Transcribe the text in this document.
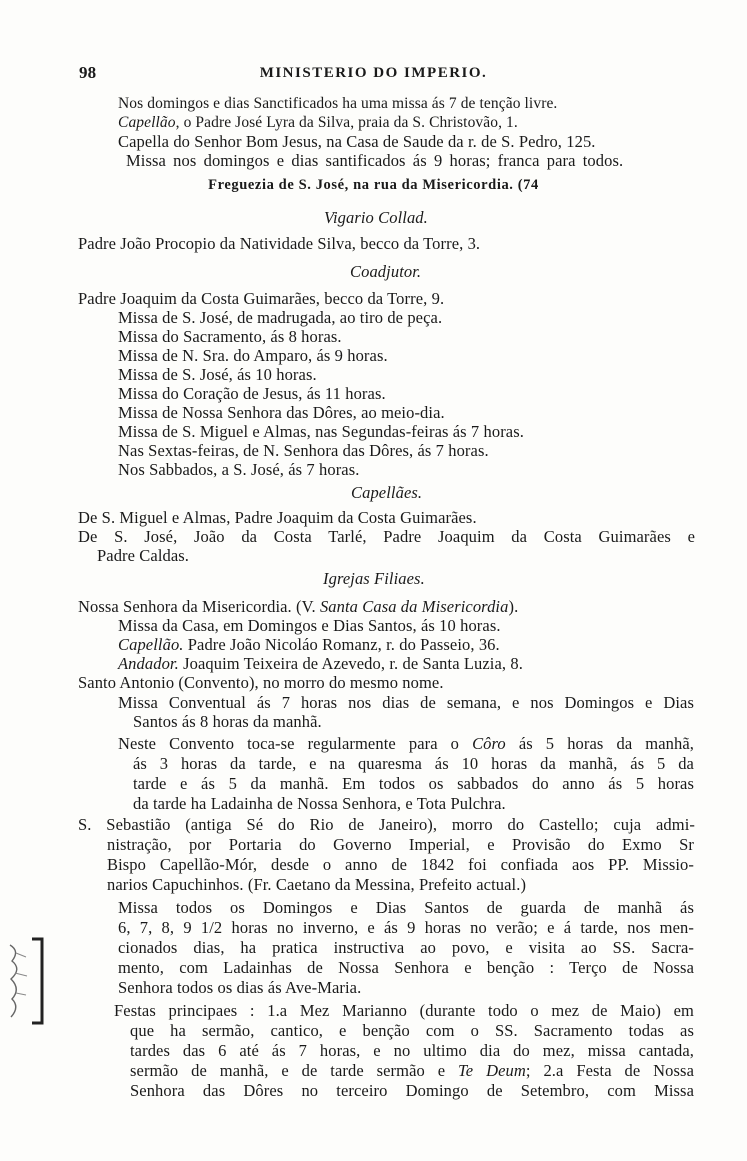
98	MINISTERIO DO IMPERIO.
Nos domingos e dias Sanctificados ha uma missa ás 7 de tenção livre.
Capellão, o Padre José Lyra da Silva, praia da S. Christovão, 1.
Capella do Senhor Bom Jesus, na Casa de Saude da r. de S. Pedro, 125.
Missa nos domingos e dias santificados ás 9 horas; franca para todos.
Freguezia de S. José, na rua da Misericordia. (74
Vigario Collad.
Padre João Procopio da Natividade Silva, becco da Torre, 3.
Coadjutor.
Padre Joaquim da Costa Guimarães, becco da Torre, 9.
Missa de S. José, de madrugada, ao tiro de peça.
Missa do Sacramento, ás 8 horas.
Missa de N. Sra. do Amparo, ás 9 horas.
Missa de S. José, ás 10 horas.
Missa do Coração de Jesus, ás 11 horas.
Missa de Nossa Senhora das Dôres, ao meio-dia.
Missa de S. Miguel e Almas, nas Segundas-feiras ás 7 horas.
Nas Sextas-feiras, de N. Senhora das Dôres, ás 7 horas.
Nos Sabbados, a S. José, ás 7 horas.
Capellães.
De S. Miguel e Almas, Padre Joaquim da Costa Guimarães.
De S. José, João da Costa Tarlé, Padre Joaquim da Costa Guimarães e
Padre Caldas.
Igrejas Filiaes.
Nossa Senhora da Misericordia. (V. Santa Casa da Misericordia).
Missa da Casa, em Domingos e Dias Santos, ás 10 horas.
Capellão. Padre João Nicoláo Romanz, r. do Passeio, 36.
Andador. Joaquim Teixeira de Azevedo, r. de Santa Luzia, 8.
Santo Antonio (Convento), no morro do mesmo nome.
Missa Conventual ás 7 horas nos dias de semana, e nos Domingos e Dias
Santos ás 8 horas da manhã.
Neste Convento toca-se regularmente para o Côro ás 5 horas da manhã,
ás 3 horas da tarde, e na quaresma ás 10 horas da manhã, ás 5 da
tarde e ás 5 da manhã. Em todos os sabbados do anno ás 5 horas
da tarde ha Ladainha de Nossa Senhora, e Tota Pulchra.
S. Sebastião (antiga Sé do Rio de Janeiro), morro do Castello; cuja admi-
nistração, por Portaria do Governo Imperial, e Provisão do Exmo Sr
Bispo Capellão-Mór, desde o anno de 1842 foi confiada aos PP. Missio-
narios Capuchinhos. (Fr. Caetano da Messina, Prefeito actual.)
Missa todos os Domingos e Dias Santos de guarda de manhã ás
6, 7, 8, 9 1/2 horas no inverno, e ás 9 horas no verão; e á tarde, nos men-
cionados dias, ha pratica instructiva ao povo, e visita ao SS. Sacra-
mento, com Ladainhas de Nossa Senhora e benção : Terço de Nossa
Senhora todos os dias ás Ave-Maria.
Festas principaes : 1.a Mez Marianno (durante todo o mez de Maio) em
que ha sermão, cantico, e benção com o SS. Sacramento todas as
tardes das 6 até ás 7 horas, e no ultimo dia do mez, missa cantada,
sermão de manhã, e de tarde sermão e Te Deum; 2.a Festa de Nossa
Senhora das Dôres no terceiro Domingo de Setembro, com Missa
